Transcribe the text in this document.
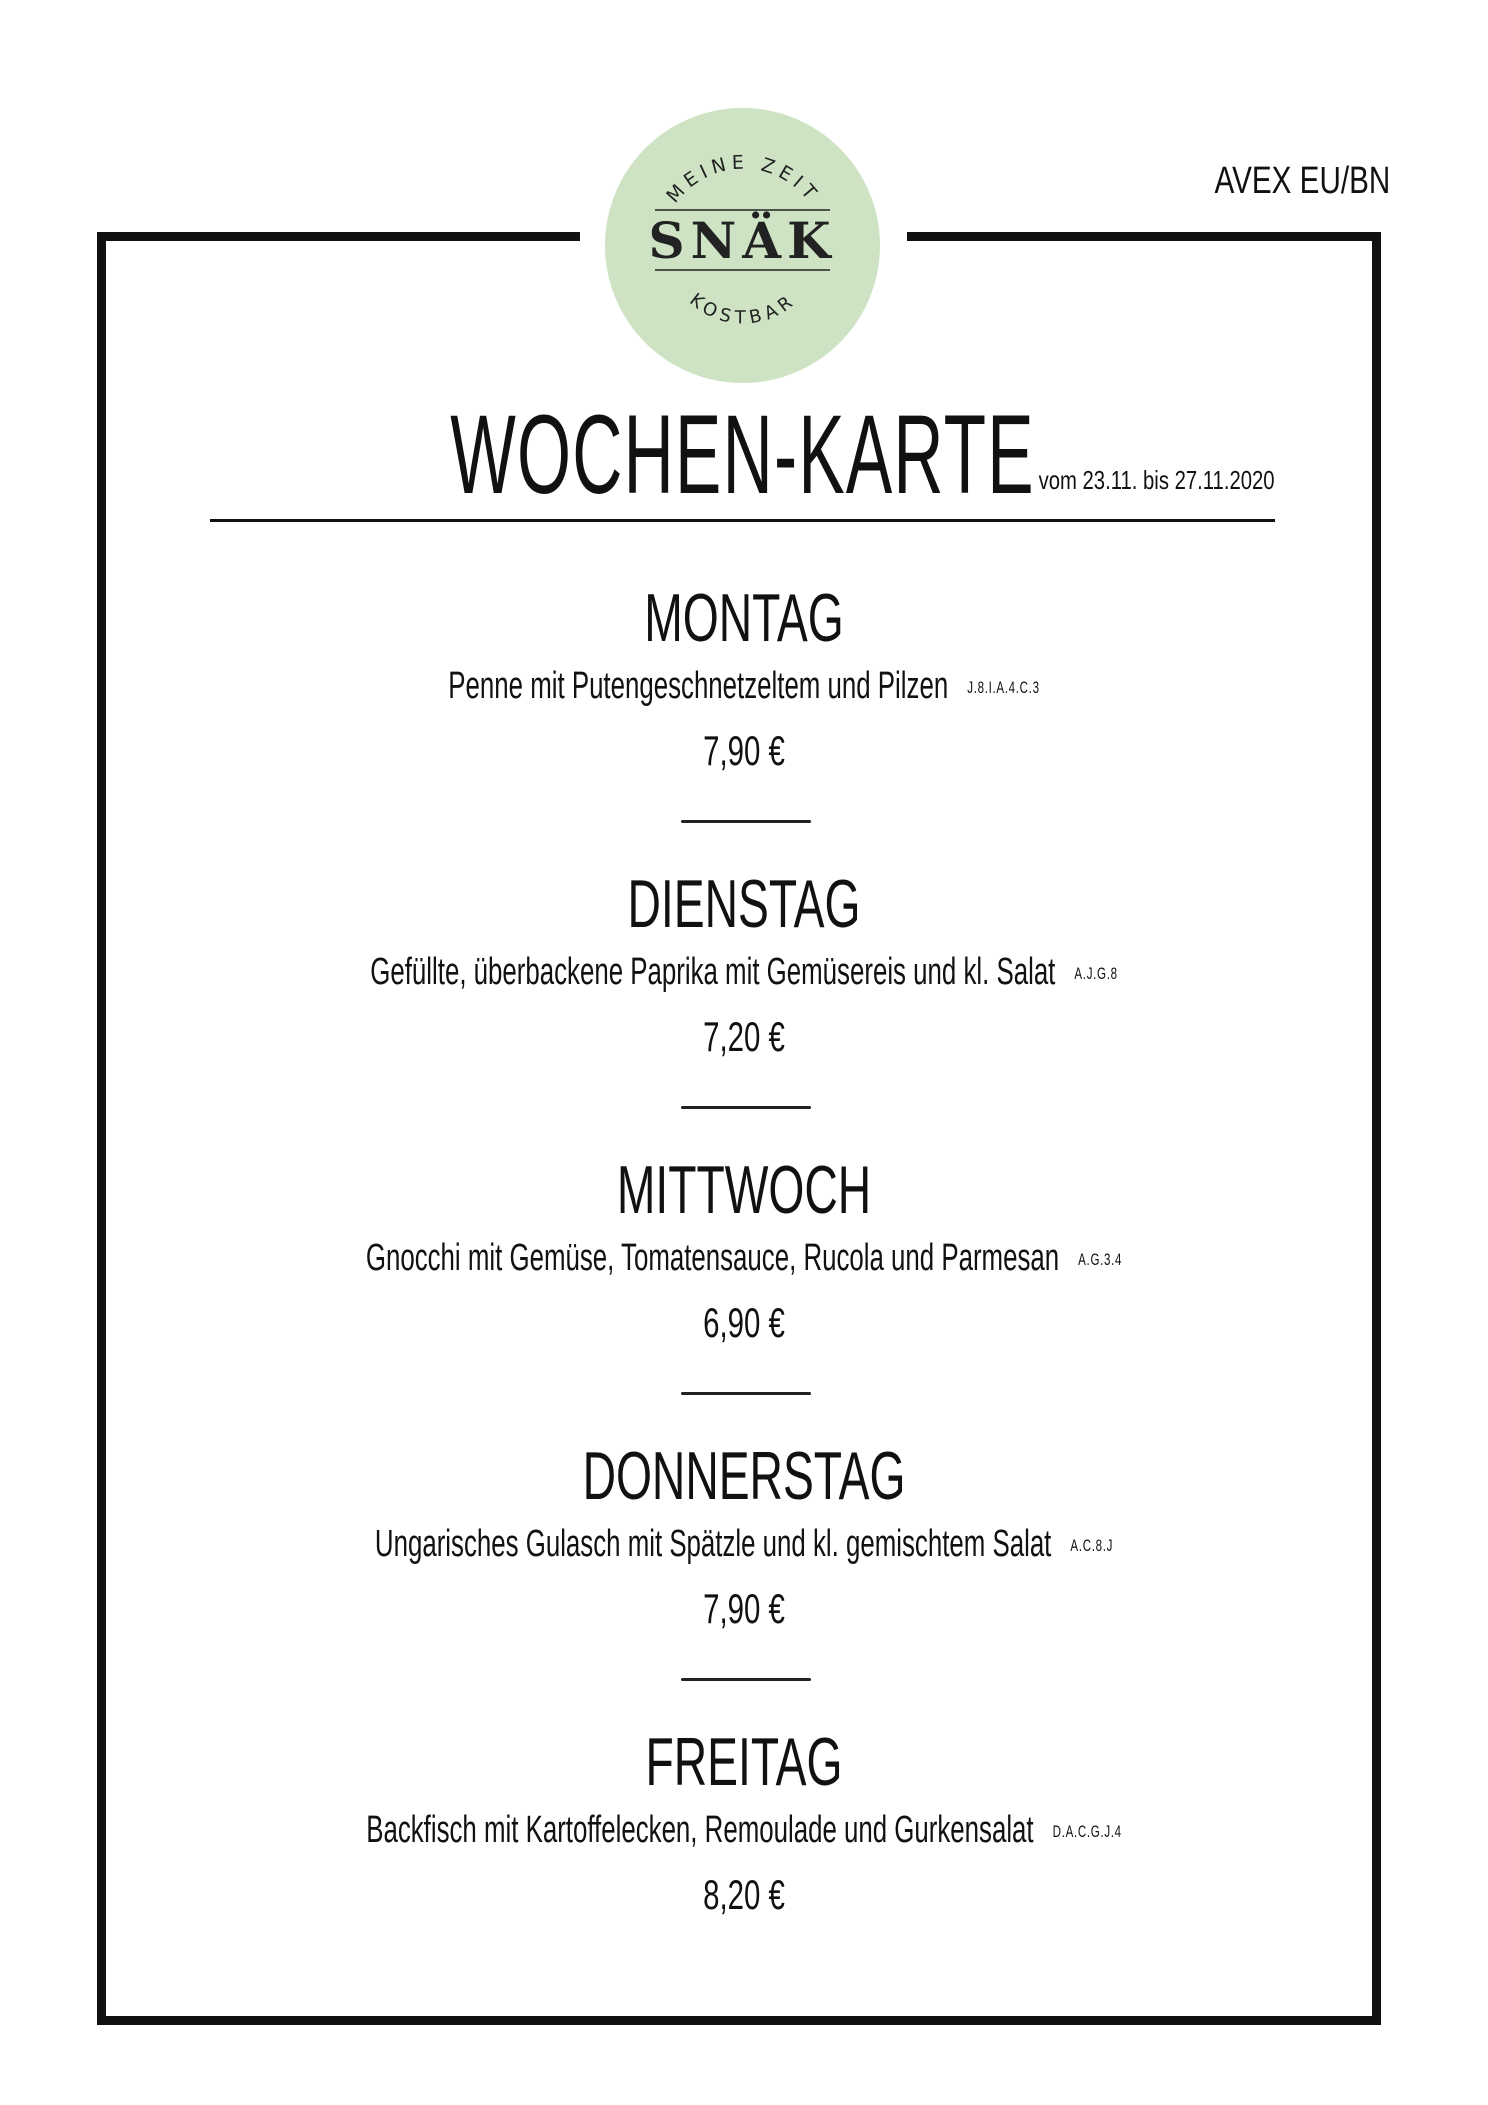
MEINE ZEIT
SNÄK
KOSTBAR
AVEX EU/BN
WOCHEN-KARTE vom 23.11. bis 27.11.2020
MONTAG
Penne mit Putengeschnetzeltem und Pilzen J.8.I.A.4.C.3
7,90 €
DIENSTAG
Gefüllte, überbackene Paprika mit Gemüsereis und kl. Salat A.J.G.8
7,20 €
MITTWOCH
Gnocchi mit Gemüse, Tomatensauce, Rucola und Parmesan A.G.3.4
6,90 €
DONNERSTAG
Ungarisches Gulasch mit Spätzle und kl. gemischtem Salat A.C.8.J
7,90 €
FREITAG
Backfisch mit Kartoffelecken, Remoulade und Gurkensalat D.A.C.G.J.4
8,20 €
